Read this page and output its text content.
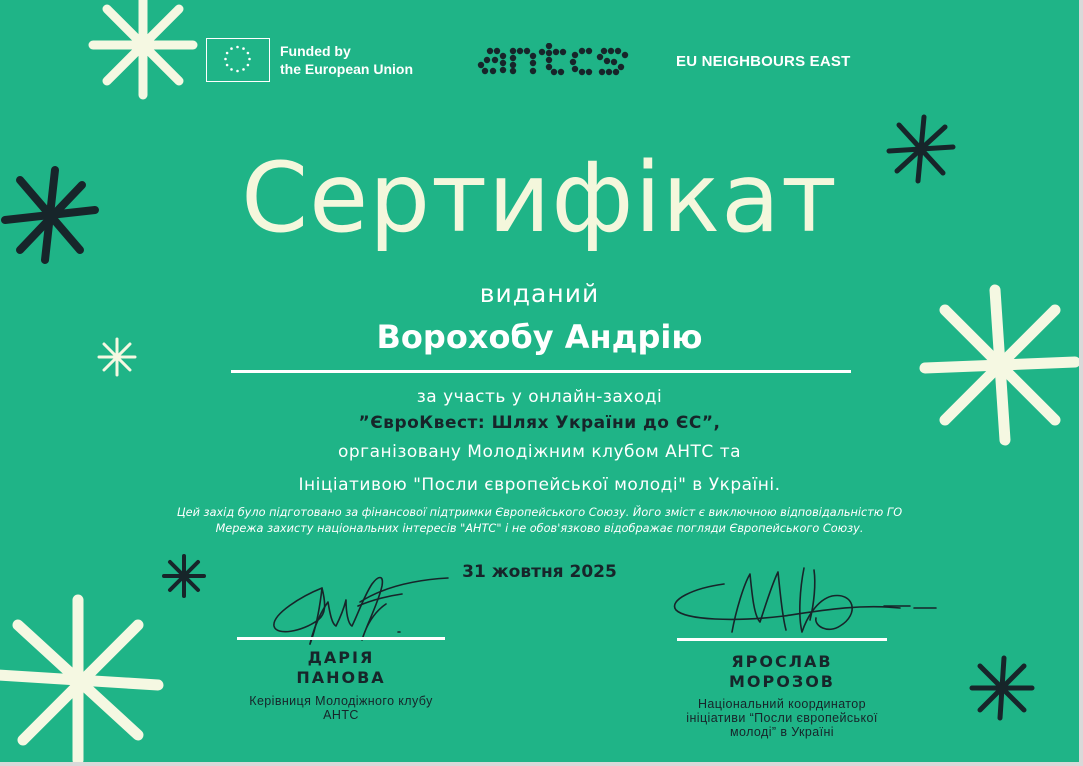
Funded by
the European Union	EU NEIGHBOURS EAST
Сертифікат
виданий
Ворохобу Андрію
за участь у онлайн-заході
”ЄвроКвест: Шлях України до ЄС”,
організовану Молодіжним клубом АНТС та
Ініціативою "Посли європейської молоді" в Україні.
Цей захід було підготовано за фінансової підтримки Європейського Союзу. Його зміст є виключною відповідальністю ГО
Мережа захисту національних інтересів "АНТС" і не обов'язково відображає погляди Європейського Союзу.
31 жовтня 2025
ДАРІЯ
ПАНОВА
Керівниця Молодіжного клубу
АНТС
ЯРОСЛАВ
МОРОЗОВ
Національний координатор
ініціативи “Посли європейської
молоді” в Україні
